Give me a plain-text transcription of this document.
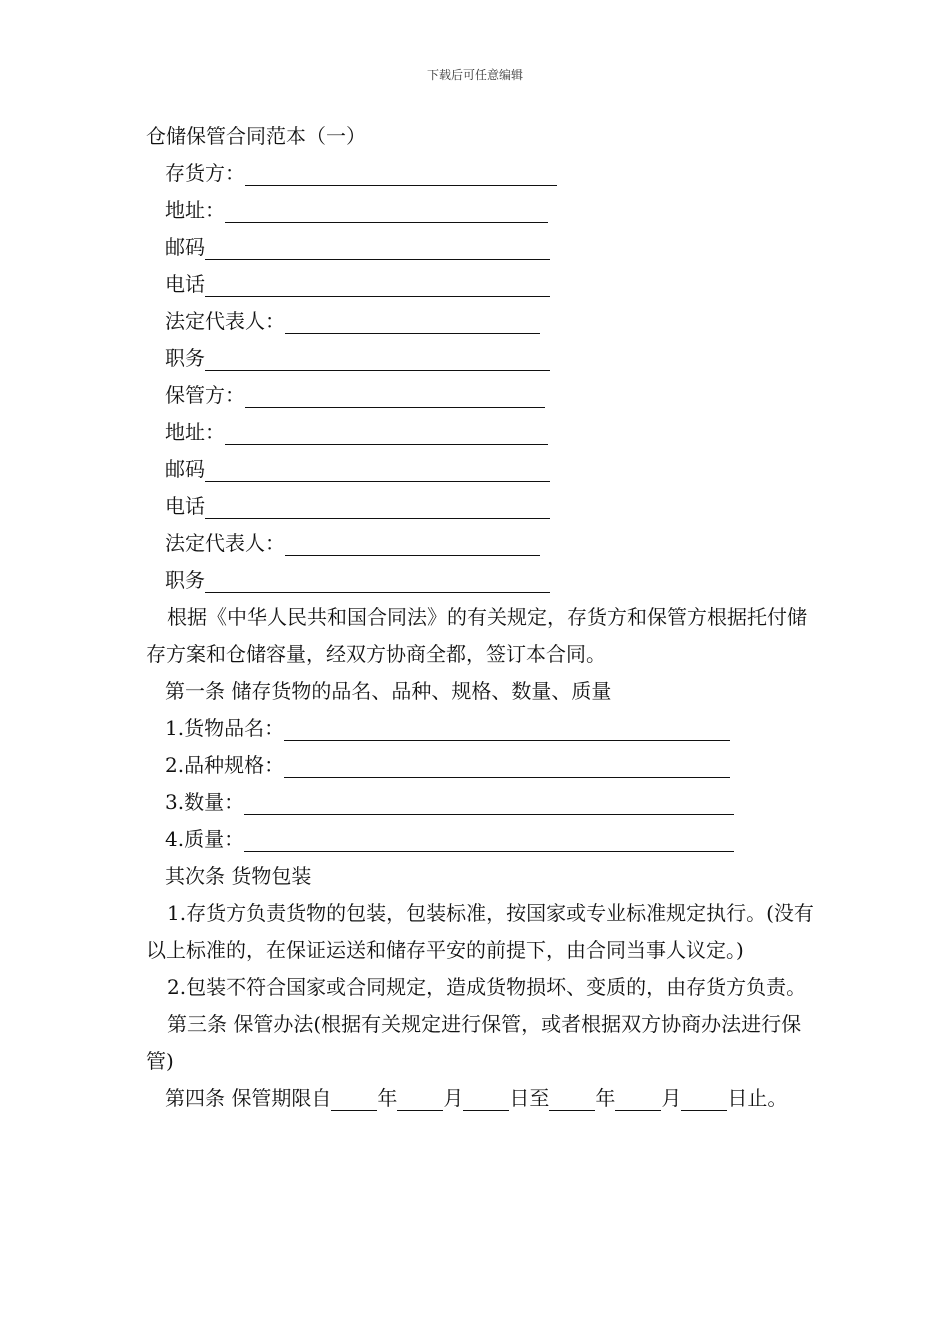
下载后可任意编辑
仓储保管合同范本（一）
存货方：
地址：
邮码
电话
法定代表人：
职务
保管方：
地址：
邮码
电话
法定代表人：
职务
根据《中华人民共和国合同法》的有关规定，存货方和保管方根据托付储存方案和仓储容量，经双方协商全都，签订本合同。
第一条 储存货物的品名、品种、规格、数量、质量
1.货物品名：
2.品种规格：
3.数量：
4.质量：
其次条 货物包装
1.存货方负责货物的包装，包装标准，按国家或专业标准规定执行。(没有以上标准的，在保证运送和储存平安的前提下，由合同当事人议定。)
2.包装不符合国家或合同规定，造成货物损坏、变质的，由存货方负责。
第三条 保管办法(根据有关规定进行保管，或者根据双方协商办法进行保管)
第四条 保管期限自 年 月 日至 年 月 日止。
